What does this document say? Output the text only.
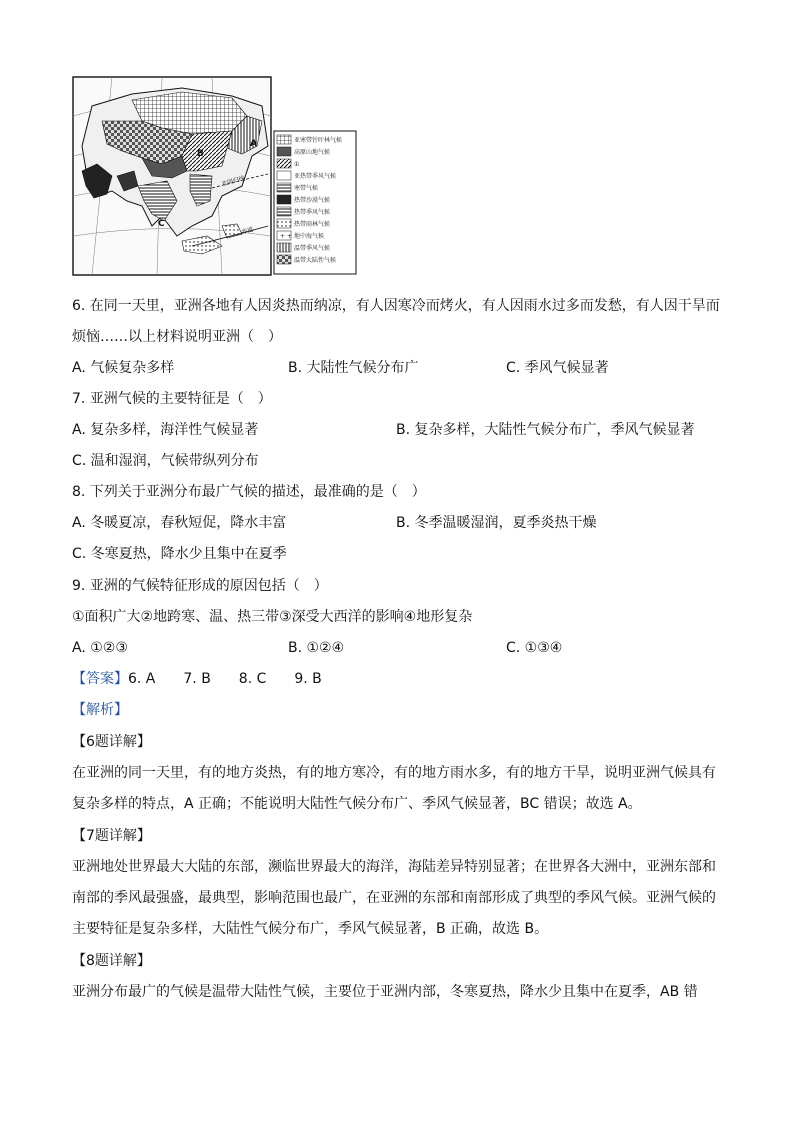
A
B
C
北回归线
赤道
亚寒带针叶林气候
高原山地气候
①
亚热带季风气候
寒带气候
热带沙漠气候
热带季风气候
热带雨林气候
+ + 地中海气候
温带季风气候
温带大陆性气候
6. 在同一天里，亚洲各地有人因炎热而纳凉，有人因寒冷而烤火，有人因雨水过多而发愁，有人因干旱而
烦恼……以上材料说明亚洲（　）
A. 气候复杂多样	B. 大陆性气候分布广	C. 季风气候显著
7. 亚洲气候的主要特征是（　）
A. 复杂多样，海洋性气候显著	B. 复杂多样，大陆性气候分布广，季风气候显著
C. 温和湿润，气候带纵列分布
8. 下列关于亚洲分布最广气候的描述，最准确的是（　）
A. 冬暖夏凉，春秋短促，降水丰富	B. 冬季温暖湿润，夏季炎热干燥
C. 冬寒夏热，降水少且集中在夏季
9. 亚洲的气候特征形成的原因包括（　）
①面积广大②地跨寒、温、热三带③深受大西洋的影响④地形复杂
A. ①②③	B. ①②④	C. ①③④
【答案】6. A　　7. B　　8. C　　9. B
【解析】
【6题详解】
在亚洲的同一天里，有的地方炎热，有的地方寒冷，有的地方雨水多，有的地方干旱，说明亚洲气候具有
复杂多样的特点，A 正确；不能说明大陆性气候分布广、季风气候显著，BC 错误；故选 A。
【7题详解】
亚洲地处世界最大大陆的东部，濒临世界最大的海洋，海陆差异特别显著；在世界各大洲中，亚洲东部和
南部的季风最强盛，最典型，影响范围也最广，在亚洲的东部和南部形成了典型的季风气候。亚洲气候的
主要特征是复杂多样，大陆性气候分布广，季风气候显著，B 正确，故选 B。
【8题详解】
亚洲分布最广的气候是温带大陆性气候，主要位于亚洲内部，冬寒夏热，降水少且集中在夏季，AB 错
